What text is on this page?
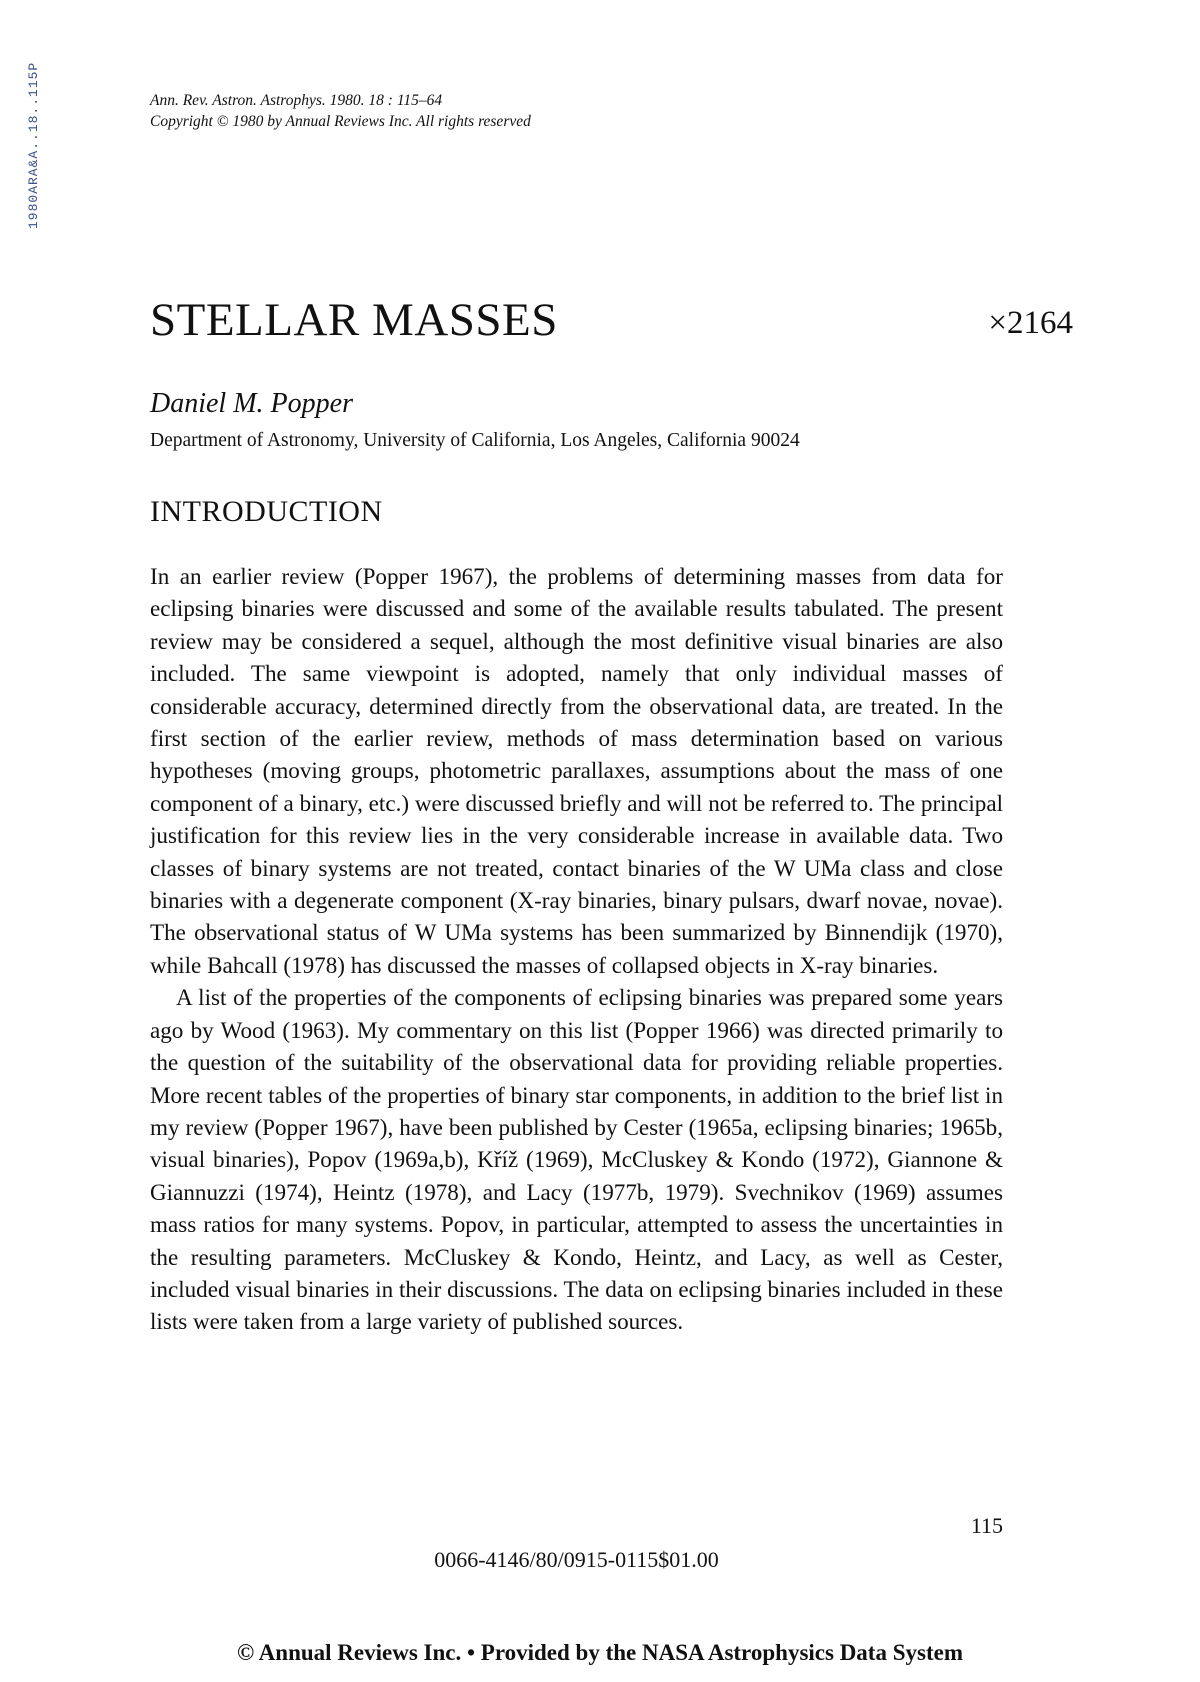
1980ARA&A..18..115P	Ann. Rev. Astron. Astrophys. 1980. 18 : 115–64
Copyright © 1980 by Annual Reviews Inc. All rights reserved
STELLAR MASSES	×2164
Daniel M. Popper
Department of Astronomy, University of California, Los Angeles, California 90024
INTRODUCTION

In an earlier review (Popper 1967), the problems of determining masses from data for eclipsing binaries were discussed and some of the available results tabulated. The present review may be considered a sequel, although the most definitive visual binaries are also included. The same viewpoint is adopted, namely that only individual masses of considerable accuracy, determined directly from the observational data, are treated. In the first section of the earlier review, methods of mass determination based on various hypotheses (moving groups, photometric parallaxes, assumptions about the mass of one component of a binary, etc.) were discussed briefly and will not be referred to. The principal justification for this review lies in the very considerable increase in available data. Two classes of binary systems are not treated, contact binaries of the W UMa class and close binaries with a degenerate component (X-ray binaries, binary pulsars, dwarf novae, novae). The observational status of W UMa systems has been summarized by Binnendijk (1970), while Bahcall (1978) has discussed the masses of collapsed objects in X-ray binaries.

A list of the properties of the components of eclipsing binaries was prepared some years ago by Wood (1963). My commentary on this list (Popper 1966) was directed primarily to the question of the suitability of the observational data for providing reliable properties. More recent tables of the properties of binary star components, in addition to the brief list in my review (Popper 1967), have been published by Cester (1965a, eclipsing binaries; 1965b, visual binaries), Popov (1969a,b), Kříž (1969), McCluskey & Kondo (1972), Giannone & Giannuzzi (1974), Heintz (1978), and Lacy (1977b, 1979). Svechnikov (1969) assumes mass ratios for many systems. Popov, in particular, attempted to assess the uncertainties in the resulting parameters. McCluskey & Kondo, Heintz, and Lacy, as well as Cester, included visual binaries in their discussions. The data on eclipsing binaries included in these lists were taken from a large variety of published sources.

115
0066-4146/80/0915-0115$01.00
© Annual Reviews Inc. • Provided by the NASA Astrophysics Data System
